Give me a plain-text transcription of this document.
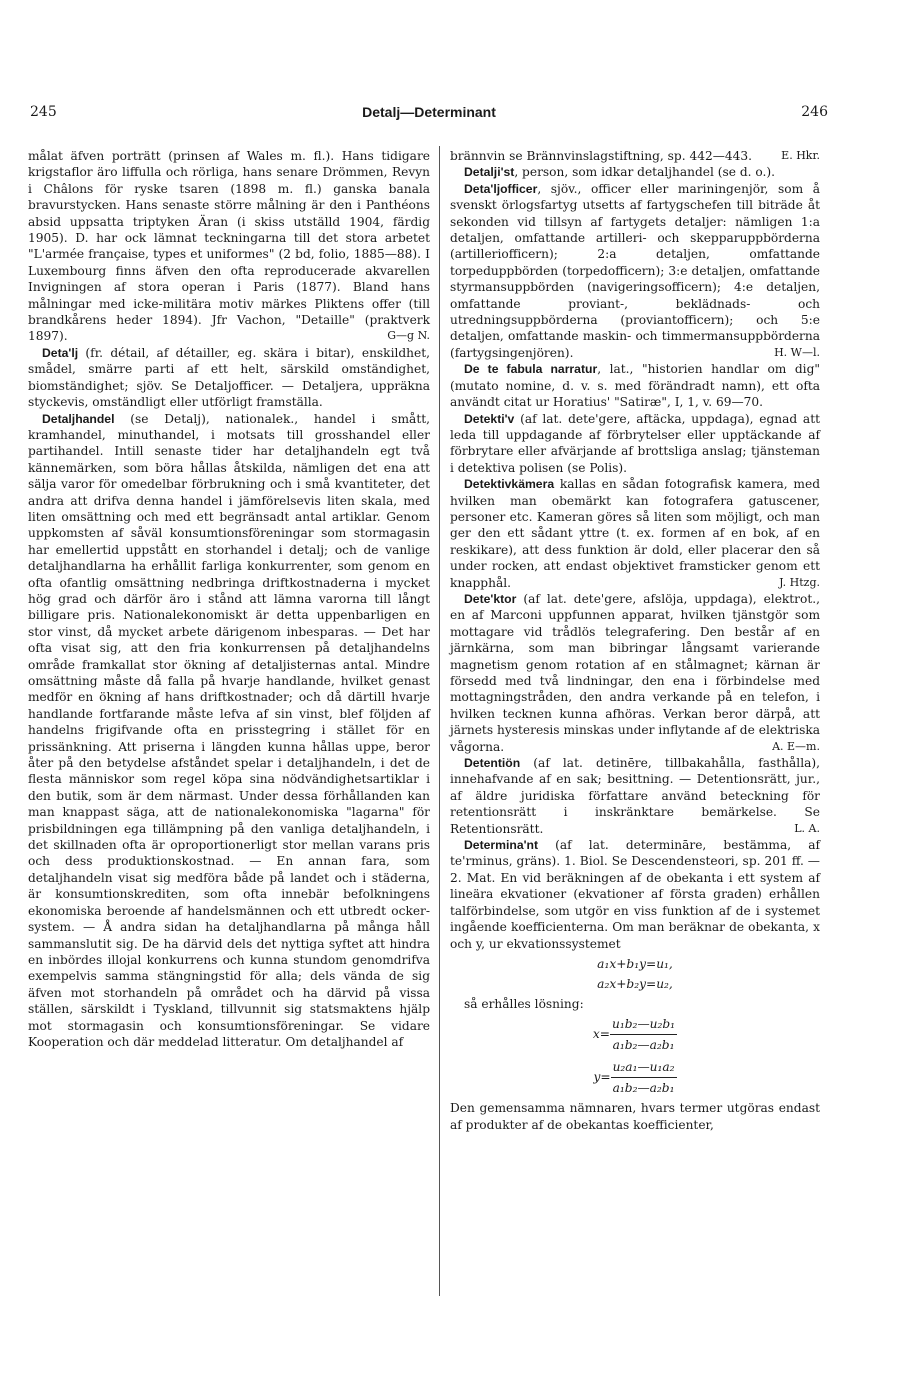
245	Detalj—Determinant	246

målat äfven porträtt (prinsen af Wales m. fl.). Hans tidigare krigstaflor äro liffulla och rörliga, hans senare Drömmen, Revyn i Châlons för ryske tsaren (1898 m. fl.) ganska banala bravurstycken. Hans senaste större målning är den i Panthéons absid uppsatta triptyken Äran (i skiss utställd 1904, färdig 1905). D. har ock lämnat teckningarna till det stora arbetet "L'armée française, types et uniformes" (2 bd, folio, 1885—88). I Luxembourg finns äfven den ofta reproducerade akvarellen Invigningen af stora operan i Paris (1877). Bland hans målningar med icke-militära motiv märkes Pliktens offer (till brandkårens heder 1894). Jfr Vachon, "Detaille" (praktverk 1897).	G—g N.

Deta'lj (fr. détail, af détailler, eg. skära i bitar), enskildhet, smådel, smärre parti af ett helt, särskild omständighet, biomständighet; sjöv. Se Detaljofficer. — Detaljera, uppräkna styckevis, omständligt eller utförligt framställa.

Detaljhandel (se Detalj), nationalek., handel i smått, kramhandel, minuthandel, i motsats till grosshandel eller partihandel. Intill senaste tider har detaljhandeln egt två kännemärken, som böra hållas åtskilda, nämligen det ena att sälja varor för omedelbar förbrukning och i små kvantiteter, det andra att drifva denna handel i jämförelsevis liten skala, med liten omsättning och med ett begränsadt antal artiklar. Genom uppkomsten af såväl konsumtionsföreningar som stormagasin har emellertid uppstått en storhandel i detalj; och de vanlige detaljhandlarna ha erhållit farliga konkurrenter, som genom en ofta ofantlig omsättning nedbringa driftkostnaderna i mycket hög grad och därför äro i stånd att lämna varorna till långt billigare pris. Nationalekonomiskt är detta uppenbarligen en stor vinst, då mycket arbete därigenom inbesparas. — Det har ofta visat sig, att den fria konkurrensen på detaljhandelns område framkallat stor ökning af detaljisternas antal. Mindre omsättning måste då falla på hvarje handlande, hvilket genast medför en ökning af hans driftkostnader; och då därtill hvarje handlande fortfarande måste lefva af sin vinst, blef följden af handelns frigifvande ofta en prisstegring i stället för en prissänkning. Att priserna i längden kunna hållas uppe, beror åter på den betydelse afståndet spelar i detaljhandeln, i det de flesta människor som regel köpa sina nödvändighetsartiklar i den butik, som är dem närmast. Under dessa förhållanden kan man knappast säga, att de nationalekonomiska "lagarna" för prisbildningen ega tillämpning på den vanliga detaljhandeln, i det skillnaden ofta är oproportionerligt stor mellan varans pris och dess produktionskostnad. — En annan fara, som detaljhandeln visat sig medföra både på landet och i städerna, är konsumtionskrediten, som ofta innebär befolkningens ekonomiska beroende af handelsmännen och ett utbredt ocker-system. — Å andra sidan ha detaljhandlarna på många håll sammanslutit sig. De ha därvid dels det nyttiga syftet att hindra en inbördes illojal konkurrens och kunna stundom genomdrifva exempelvis samma stängningstid för alla; dels vända de sig äfven mot storhandeln på området och ha därvid på vissa ställen, särskildt i Tyskland, tillvunnit sig statsmaktens hjälp mot stormagasin och konsumtionsföreningar. Se vidare Kooperation och där meddelad litteratur. Om detaljhandel af

brännvin se Brännvinslagstiftning, sp. 442—443.	E. Hkr.

Detalji'st, person, som idkar detaljhandel (se d. o.).

Deta'ljofficer, sjöv., officer eller mariningenjör, som å svenskt örlogsfartyg utsetts af fartygschefen till biträde åt sekonden vid tillsyn af fartygets detaljer: nämligen 1:a detaljen, omfattande artilleri- och skepparuppbörderna (artilleriofficern); 2:a detaljen, omfattande torpeduppbörden (torpedofficern); 3:e detaljen, omfattande styrmansuppbörden (navigeringsofficern); 4:e detaljen, omfattande proviant-, beklädnads- och utredningsuppbörderna (proviantofficern); och 5:e detaljen, omfattande maskin- och timmermansuppbörderna (fartygsingenjören).	H. W—l.

De te fabula narratur, lat., "historien handlar om dig" (mutato nomine, d. v. s. med förändradt namn), ett ofta användt citat ur Horatius' "Satiræ", I, 1, v. 69—70.

Detekti'v (af lat. dete'gere, aftäcka, uppdaga), egnad att leda till uppdagande af förbrytelser eller upptäckande af förbrytare eller afvärjande af brottsliga anslag; tjänsteman i detektiva polisen (se Polis).

Detektivkämera kallas en sådan fotografisk kamera, med hvilken man obemärkt kan fotografera gatuscener, personer etc. Kameran göres så liten som möjligt, och man ger den ett sådant yttre (t. ex. formen af en bok, af en reskikare), att dess funktion är dold, eller placerar den så under rocken, att endast objektivet framsticker genom ett knapphål.	J. Htzg.

Dete'ktor (af lat. dete'gere, afslöja, uppdaga), elektrot., en af Marconi uppfunnen apparat, hvilken tjänstgör som mottagare vid trådlös telegrafering. Den består af en järnkärna, som man bibringar långsamt varierande magnetism genom rotation af en stålmagnet; kärnan är försedd med två lindningar, den ena i förbindelse med mottagningstråden, den andra verkande på en telefon, i hvilken tecknen kunna afhöras. Verkan beror därpå, att järnets hysteresis minskas under inflytande af de elektriska vågorna.	A. E—m.

Detentiön (af lat. detinēre, tillbakahålla, fasthålla), innehafvande af en sak; besittning. — Detentionsrätt, jur., af äldre juridiska författare använd beteckning för retentionsrätt i inskränktare bemärkelse. Se Retentionsrätt.	L. A.

Determina'nt (af lat. determināre, bestämma, af te'rminus, gräns). 1. Biol. Se Descendensteori, sp. 201 ff. — 2. Mat. En vid beräkningen af de obekanta i ett system af lineära ekvationer (ekvationer af första graden) erhållen talförbindelse, som utgör en viss funktion af de i systemet ingående koefficienterna. Om man beräknar de obekanta, x och y, ur ekvationssystemet

a₁x+b₁y=u₁,
a₂x+b₂y=u₂,

så erhålles lösning:

$x= \frac{\text{u₁b₂—u₂b₁}}{\text{a₁b₂—a₂b₁}}$
$y= \frac{\text{u₂a₁—u₁a₂}}{\text{a₁b₂—a₂b₁}}$

Den gemensamma nämnaren, hvars termer utgöras endast af produkter af de obekantas koefficienter,
